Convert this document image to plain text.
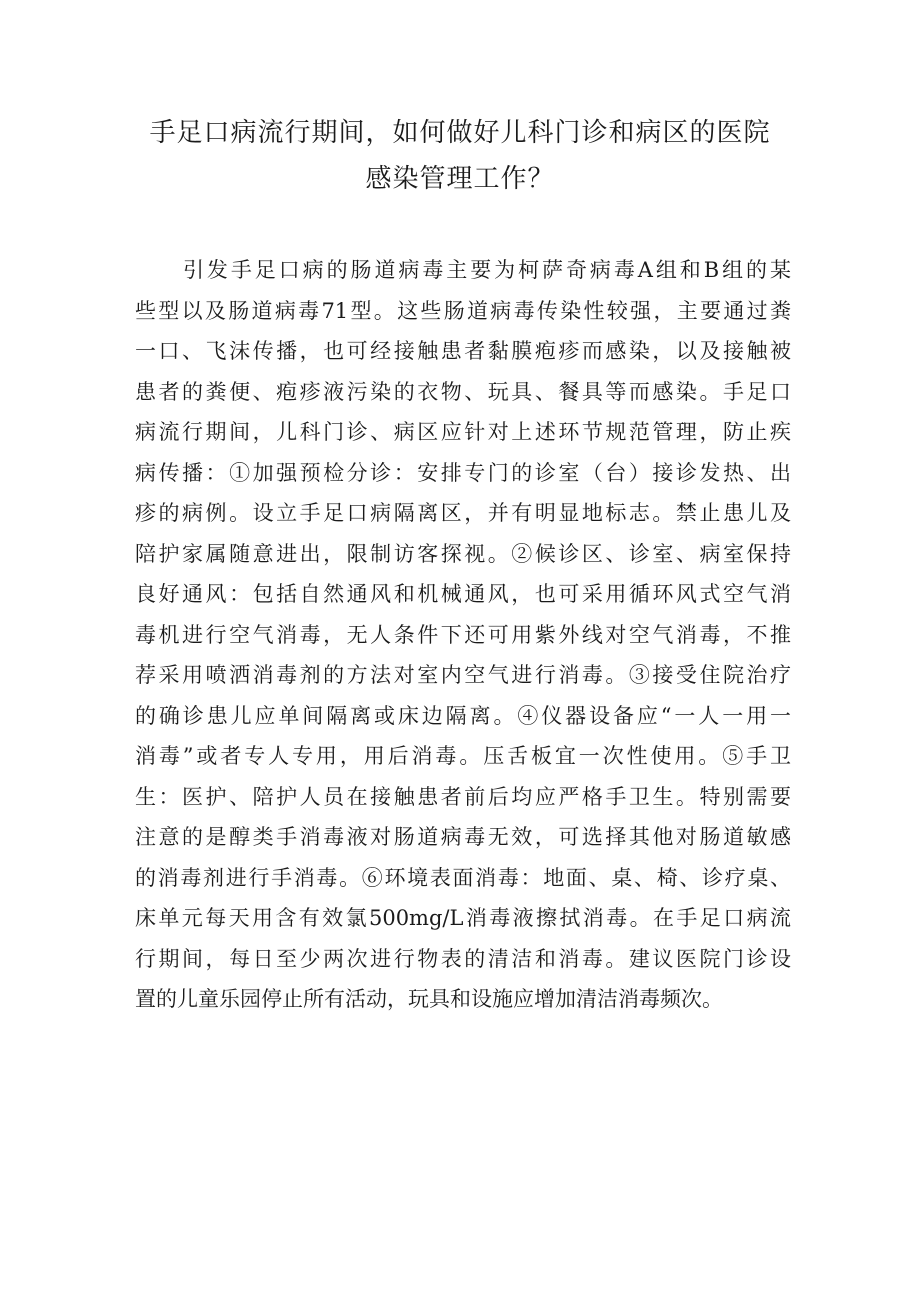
手足口病流行期间，如何做好儿科门诊和病区的医院
感染管理工作？

引发手足口病的肠道病毒主要为柯萨奇病毒A组和B组的某
些型以及肠道病毒71型。这些肠道病毒传染性较强，主要通过粪
一口、飞沫传播，也可经接触患者黏膜疱疹而感染，以及接触被
患者的粪便、疱疹液污染的衣物、玩具、餐具等而感染。手足口
病流行期间，儿科门诊、病区应针对上述环节规范管理，防止疾
病传播：①加强预检分诊：安排专门的诊室（台）接诊发热、出
疹的病例。设立手足口病隔离区，并有明显地标志。禁止患儿及
陪护家属随意进出，限制访客探视。②候诊区、诊室、病室保持
良好通风：包括自然通风和机械通风，也可采用循环风式空气消
毒机进行空气消毒，无人条件下还可用紫外线对空气消毒，不推
荐采用喷洒消毒剂的方法对室内空气进行消毒。③接受住院治疗
的确诊患儿应单间隔离或床边隔离。④仪器设备应“一人一用一
消毒”或者专人专用，用后消毒。压舌板宜一次性使用。⑤手卫
生：医护、陪护人员在接触患者前后均应严格手卫生。特别需要
注意的是醇类手消毒液对肠道病毒无效，可选择其他对肠道敏感
的消毒剂进行手消毒。⑥环境表面消毒：地面、桌、椅、诊疗桌、
床单元每天用含有效氯500mg/L消毒液擦拭消毒。在手足口病流
行期间，每日至少两次进行物表的清洁和消毒。建议医院门诊设
置的儿童乐园停止所有活动，玩具和设施应增加清洁消毒频次。
